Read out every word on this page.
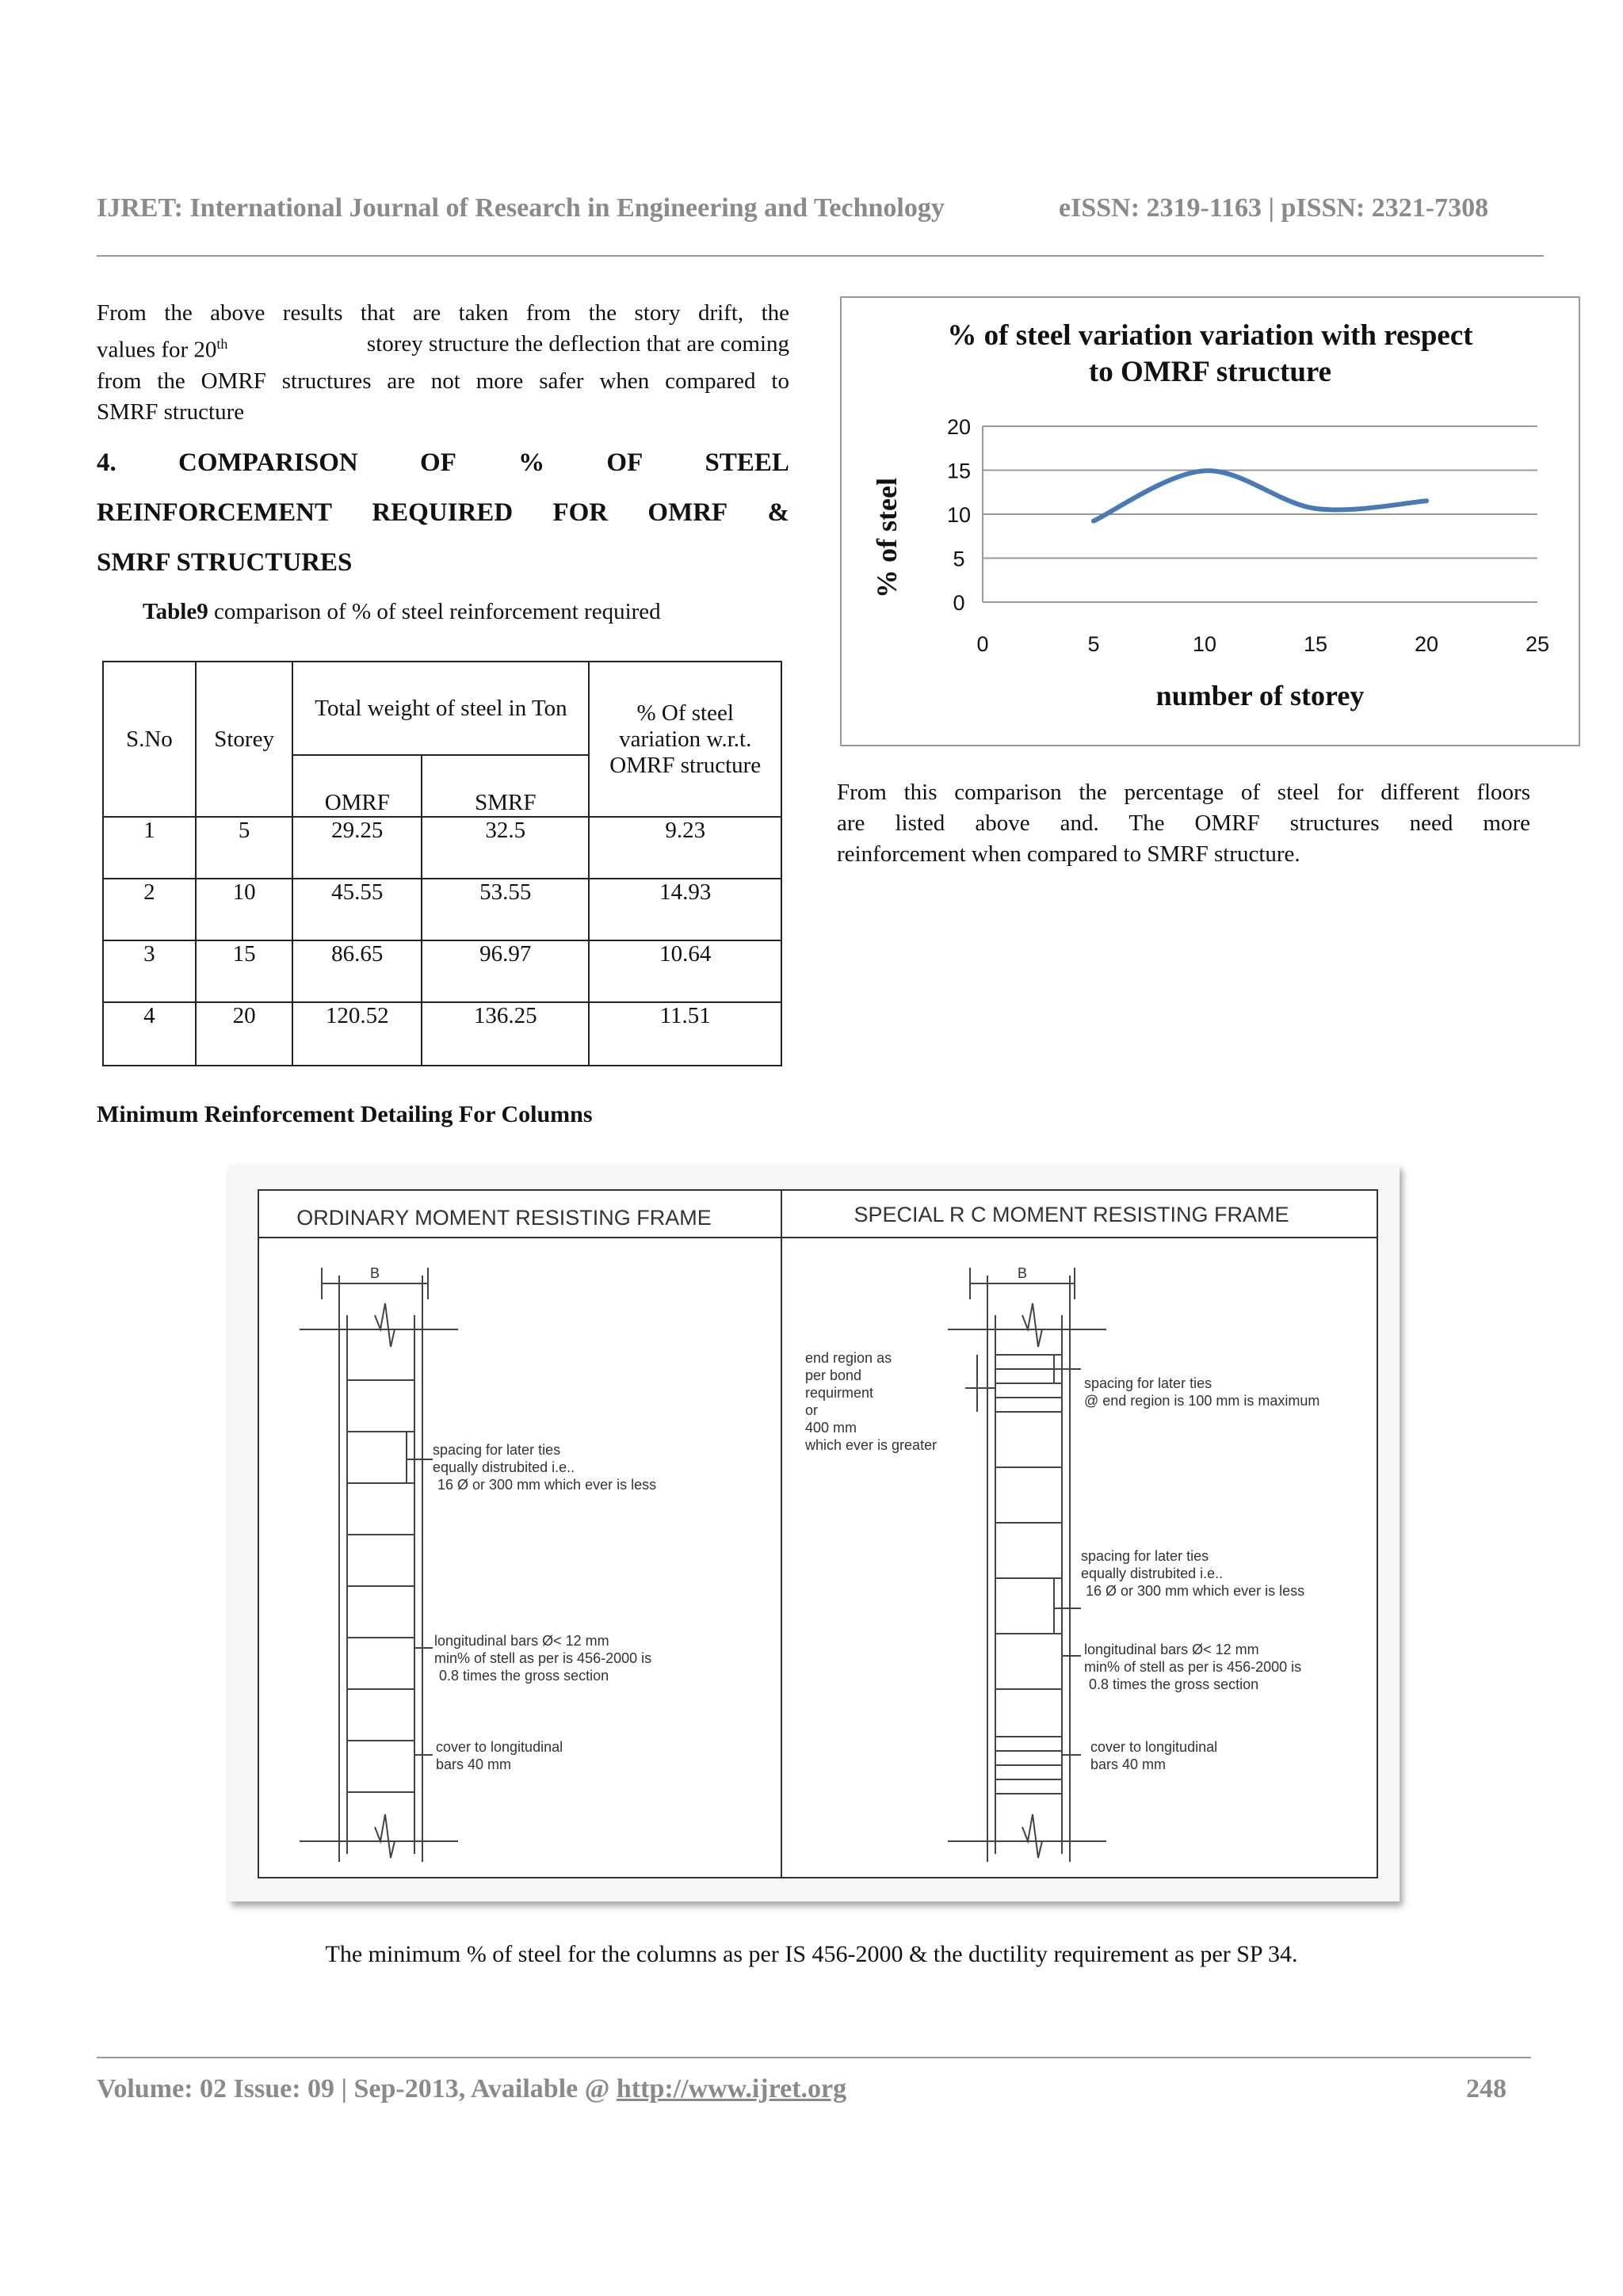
IJRET: International Journal of Research in Engineering and Technology	eISSN: 2319-1163 | pISSN: 2321-7308
From the above results that are taken from the story drift, the
values for 20th	storey structure the deflection that are coming
from the OMRF structures are not more safer when compared to
SMRF structure
4. COMPARISON OF % OF STEEL
REINFORCEMENT REQUIRED FOR OMRF &
SMRF STRUCTURES
Table9 comparison of % of steel reinforcement required
S.No	Storey	Total weight of steel in Ton		% Of steel variation w.r.t. OMRF structure
		OMRF	SMRF	
1	5	29.25	32.5	9.23
2	10	45.55	53.55	14.93
3	15	86.65	96.97	10.64
4	20	120.52	136.25	11.51
% of steel variation variation with respect
to OMRF structure
0
5
10
15
20
0	5	10	15	20	25
number of storey
% of steel
From this comparison the percentage of steel for different floors
are listed above and. The OMRF structures need more
reinforcement when compared to SMRF structure.
Minimum Reinforcement Detailing For Columns
ORDINARY MOMENT RESISTING FRAME	SPECIAL R C MOMENT RESISTING FRAME
B
spacing for later ties
equally distrubited i.e..
16 Ø or 300 mm which ever is less
longitudinal bars Ø< 12 mm
min% of stell as per is 456-2000 is
0.8 times the gross section
cover to longitudinal
bars 40 mm
B
end region as
per bond
requirment
or
400 mm
which ever is greater
spacing for later ties
@ end region is 100 mm is maximum
spacing for later ties
equally distrubited i.e..
16 Ø or 300 mm which ever is less
longitudinal bars Ø< 12 mm
min% of stell as per is 456-2000 is
0.8 times the gross section
cover to longitudinal
bars 40 mm
The minimum % of steel for the columns as per IS 456-2000 & the ductility requirement as per SP 34.
Volume: 02 Issue: 09 | Sep-2013, Available @ http://www.ijret.org	248
